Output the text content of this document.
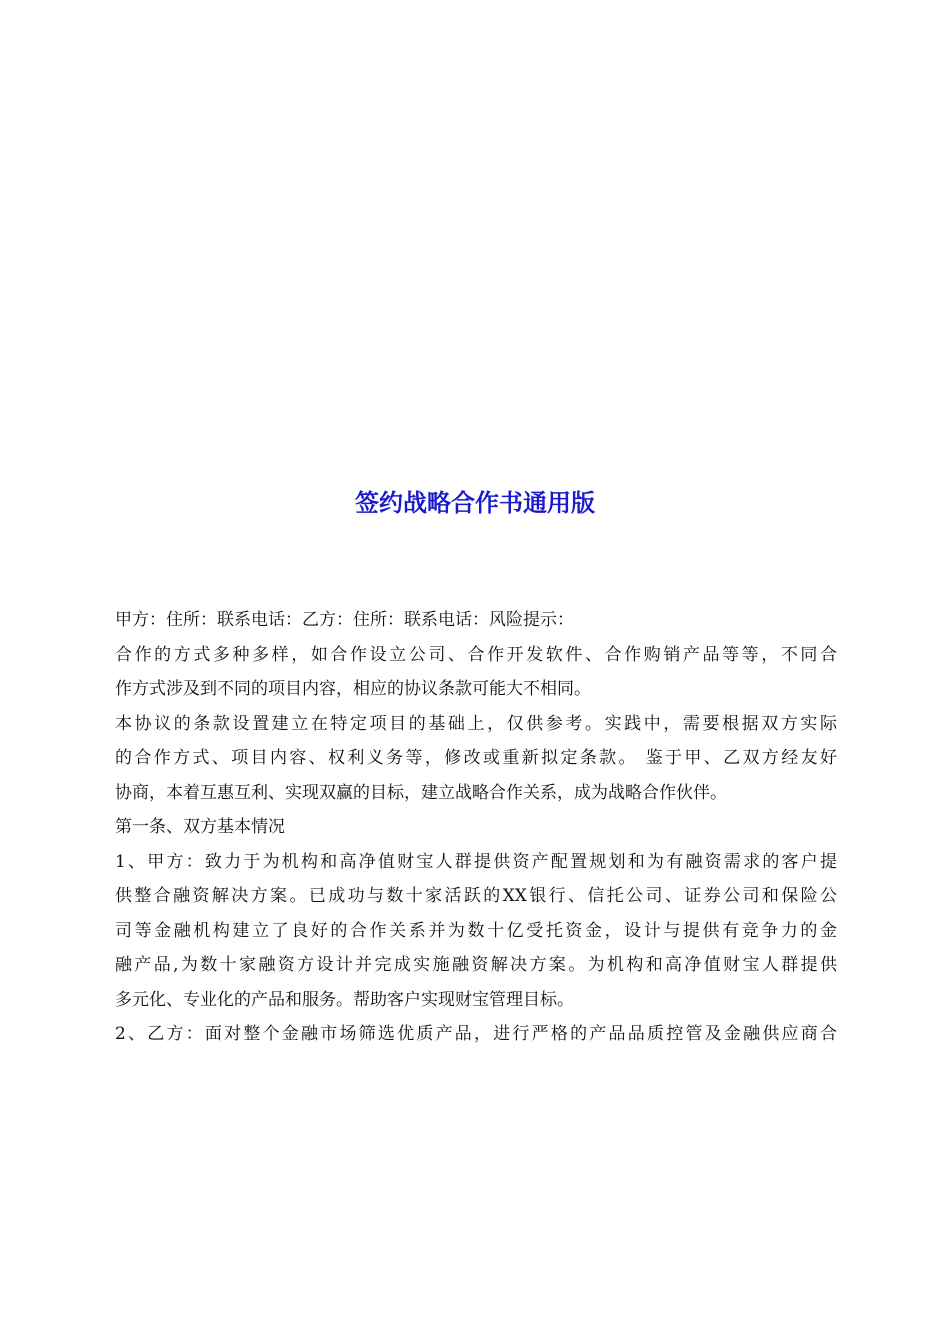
签约战略合作书通用版
甲方：住所：联系电话：乙方：住所：联系电话：风险提示：
合作的方式多种多样，如合作设立公司、合作开发软件、合作购销产品等等，不同合
作方式涉及到不同的项目内容，相应的协议条款可能大不相同。
本协议的条款设置建立在特定项目的基础上，仅供参考。实践中，需要根据双方实际
的合作方式、项目内容、权利义务等，修改或重新拟定条款。 鉴于甲、乙双方经友好
协商，本着互惠互利、实现双赢的目标，建立战略合作关系，成为战略合作伙伴。
第一条、双方基本情况
1、甲方：致力于为机构和高净值财宝人群提供资产配置规划和为有融资需求的客户提
供整合融资解决方案。已成功与数十家活跃的XX银行、信托公司、证券公司和保险公
司等金融机构建立了良好的合作关系并为数十亿受托资金，设计与提供有竞争力的金
融产品,为数十家融资方设计并完成实施融资解决方案。为机构和高净值财宝人群提供
多元化、专业化的产品和服务。帮助客户实现财宝管理目标。
2、乙方：面对整个金融市场筛选优质产品，进行严格的产品品质控管及金融供应商合
